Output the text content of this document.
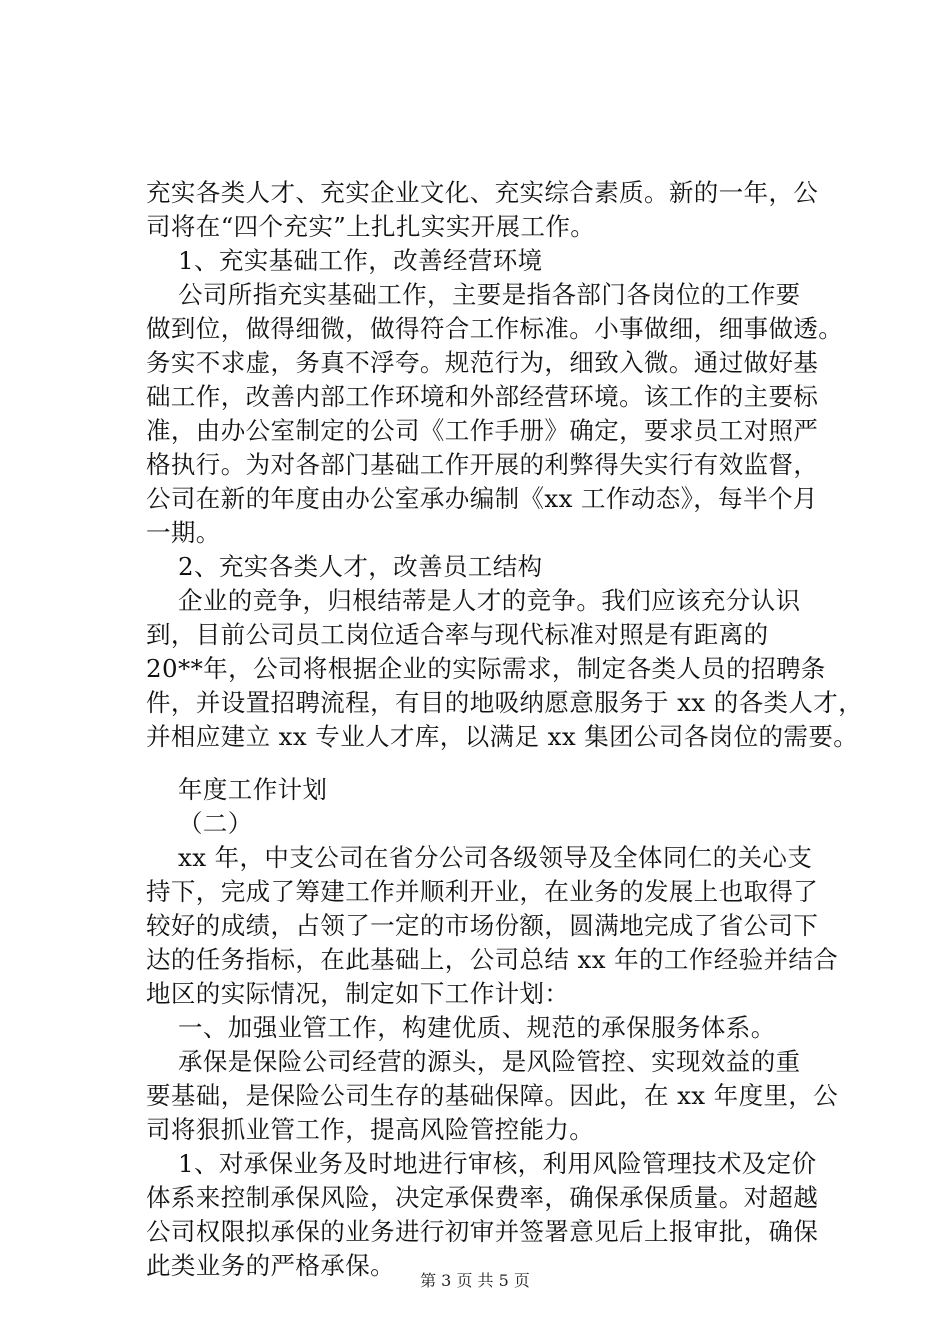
充实各类人才、充实企业文化、充实综合素质。新的一年，公
司将在“四个充实”上扎扎实实开展工作。
1、充实基础工作，改善经营环境
公司所指充实基础工作，主要是指各部门各岗位的工作要
做到位，做得细微，做得符合工作标准。小事做细，细事做透。
务实不求虚，务真不浮夸。规范行为，细致入微。通过做好基
础工作，改善内部工作环境和外部经营环境。该工作的主要标
准，由办公室制定的公司《工作手册》确定，要求员工对照严
格执行。为对各部门基础工作开展的利弊得失实行有效监督，
公司在新的年度由办公室承办编制《xx 工作动态》，每半个月
一期。
2、充实各类人才，改善员工结构
企业的竞争，归根结蒂是人才的竞争。我们应该充分认识
到，目前公司员工岗位适合率与现代标准对照是有距离的
20**年，公司将根据企业的实际需求，制定各类人员的招聘条
件，并设置招聘流程，有目的地吸纳愿意服务于 xx 的各类人才，
并相应建立 xx 专业人才库，以满足 xx 集团公司各岗位的需要。
年度工作计划
（二）
xx 年，中支公司在省分公司各级领导及全体同仁的关心支
持下，完成了筹建工作并顺利开业，在业务的发展上也取得了
较好的成绩，占领了一定的市场份额，圆满地完成了省公司下
达的任务指标，在此基础上，公司总结 xx 年的工作经验并结合
地区的实际情况，制定如下工作计划：
一、加强业管工作，构建优质、规范的承保服务体系。
承保是保险公司经营的源头，是风险管控、实现效益的重
要基础，是保险公司生存的基础保障。因此，在 xx 年度里，公
司将狠抓业管工作，提高风险管控能力。
1、对承保业务及时地进行审核，利用风险管理技术及定价
体系来控制承保风险，决定承保费率，确保承保质量。对超越
公司权限拟承保的业务进行初审并签署意见后上报审批，确保
此类业务的严格承保。
第 3 页 共 5 页
